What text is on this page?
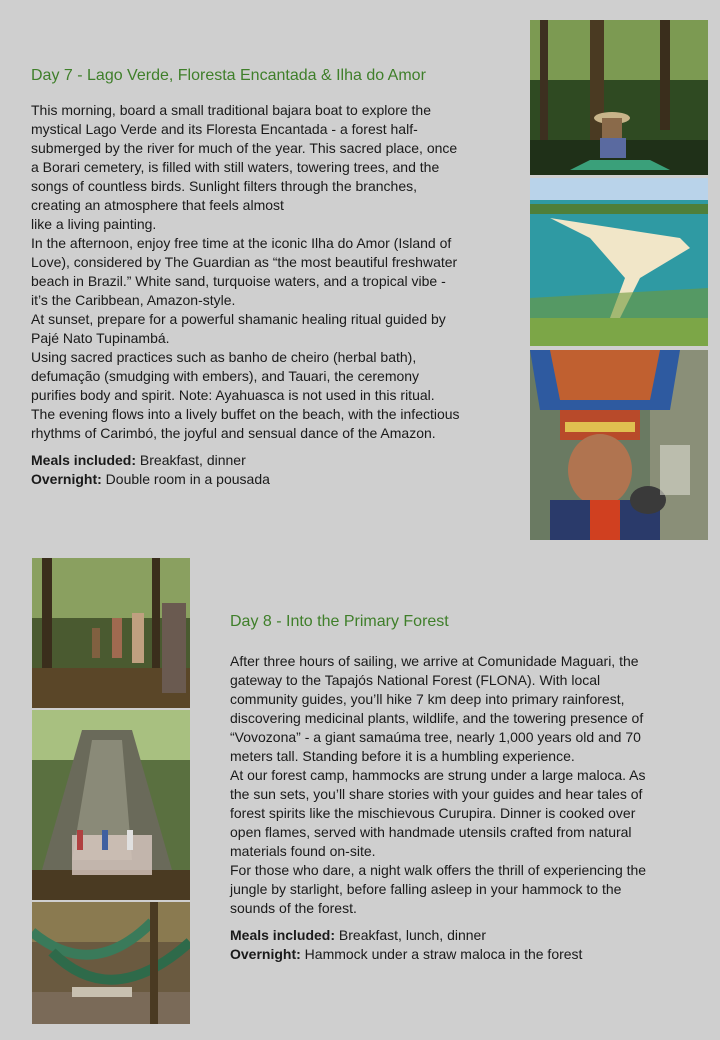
Day 7 - Lago Verde, Floresta Encantada & Ilha do Amor

This morning, board a small traditional bajara boat to explore the

mystical Lago Verde and its Floresta Encantada - a forest half-

submerged by the river for much of the year. This sacred place, once

a Borari cemetery, is filled with still waters, towering trees, and the

songs of countless birds. Sunlight filters through the branches,

creating an atmosphere that feels almost

like a living painting.

In the afternoon, enjoy free time at the iconic Ilha do Amor (Island of

Love), considered by The Guardian as “the most beautiful freshwater

beach in Brazil.” White sand, turquoise waters, and a tropical vibe -

it’s the Caribbean, Amazon-style.

At sunset, prepare for a powerful shamanic healing ritual guided by

Pajé Nato Tupinambá.

Using sacred practices such as banho de cheiro (herbal bath),

defumação (smudging with embers), and Tauari, the ceremony

purifies body and spirit. Note: Ayahuasca is not used in this ritual.

The evening flows into a lively buffet on the beach, with the infectious

rhythms of Carimbó, the joyful and sensual dance of the Amazon.

Meals included: Breakfast, dinner
Overnight: Double room in a pousada
Day 8 - Into the Primary Forest

After three hours of sailing, we arrive at Comunidade Maguari, the

gateway to the Tapajós National Forest (FLONA). With local

community guides, you’ll hike 7 km deep into primary rainforest,

discovering medicinal plants, wildlife, and the towering presence of

“Vovozona” - a giant samaúma tree, nearly 1,000 years old and 70

meters tall. Standing before it is a humbling experience.

At our forest camp, hammocks are strung under a large maloca. As

the sun sets, you’ll share stories with your guides and hear tales of

forest spirits like the mischievous Curupira. Dinner is cooked over

open flames, served with handmade utensils crafted from natural

materials found on-site.

For those who dare, a night walk offers the thrill of experiencing the

jungle by starlight, before falling asleep in your hammock to the

sounds of the forest.

Meals included: Breakfast, lunch, dinner
Overnight: Hammock under a straw maloca in the forest
